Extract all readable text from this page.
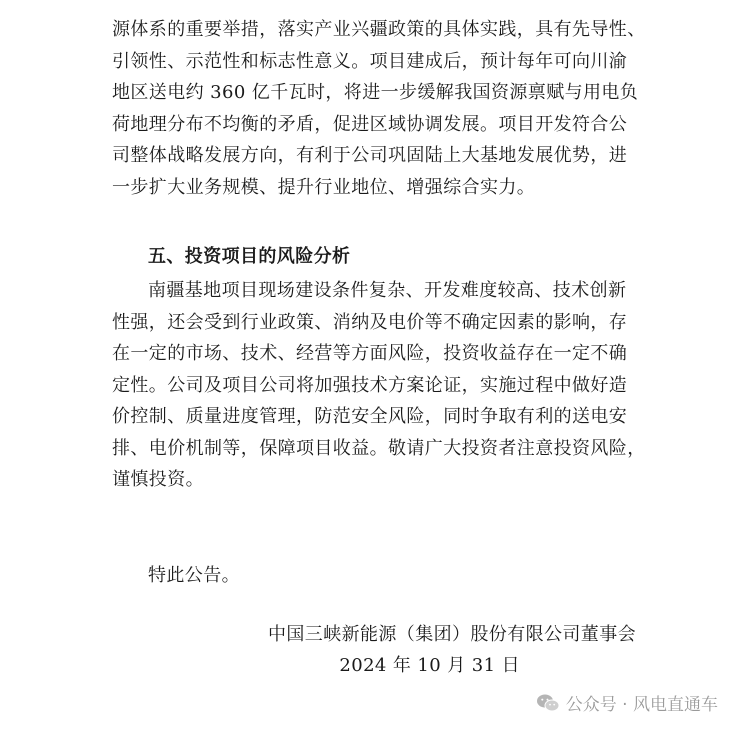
源体系的重要举措，落实产业兴疆政策的具体实践，具有先导性、
引领性、示范性和标志性意义。项目建成后，预计每年可向川渝
地区送电约 360 亿千瓦时，将进一步缓解我国资源禀赋与用电负
荷地理分布不均衡的矛盾，促进区域协调发展。项目开发符合公
司整体战略发展方向，有利于公司巩固陆上大基地发展优势，进
一步扩大业务规模、提升行业地位、增强综合实力。
五、投资项目的风险分析
南疆基地项目现场建设条件复杂、开发难度较高、技术创新
性强，还会受到行业政策、消纳及电价等不确定因素的影响，存
在一定的市场、技术、经营等方面风险，投资收益存在一定不确
定性。公司及项目公司将加强技术方案论证，实施过程中做好造
价控制、质量进度管理，防范安全风险，同时争取有利的送电安
排、电价机制等，保障项目收益。敬请广大投资者注意投资风险，
谨慎投资。
特此公告。
中国三峡新能源（集团）股份有限公司董事会
2024 年 10 月 31 日
公众号 · 风电直通车
